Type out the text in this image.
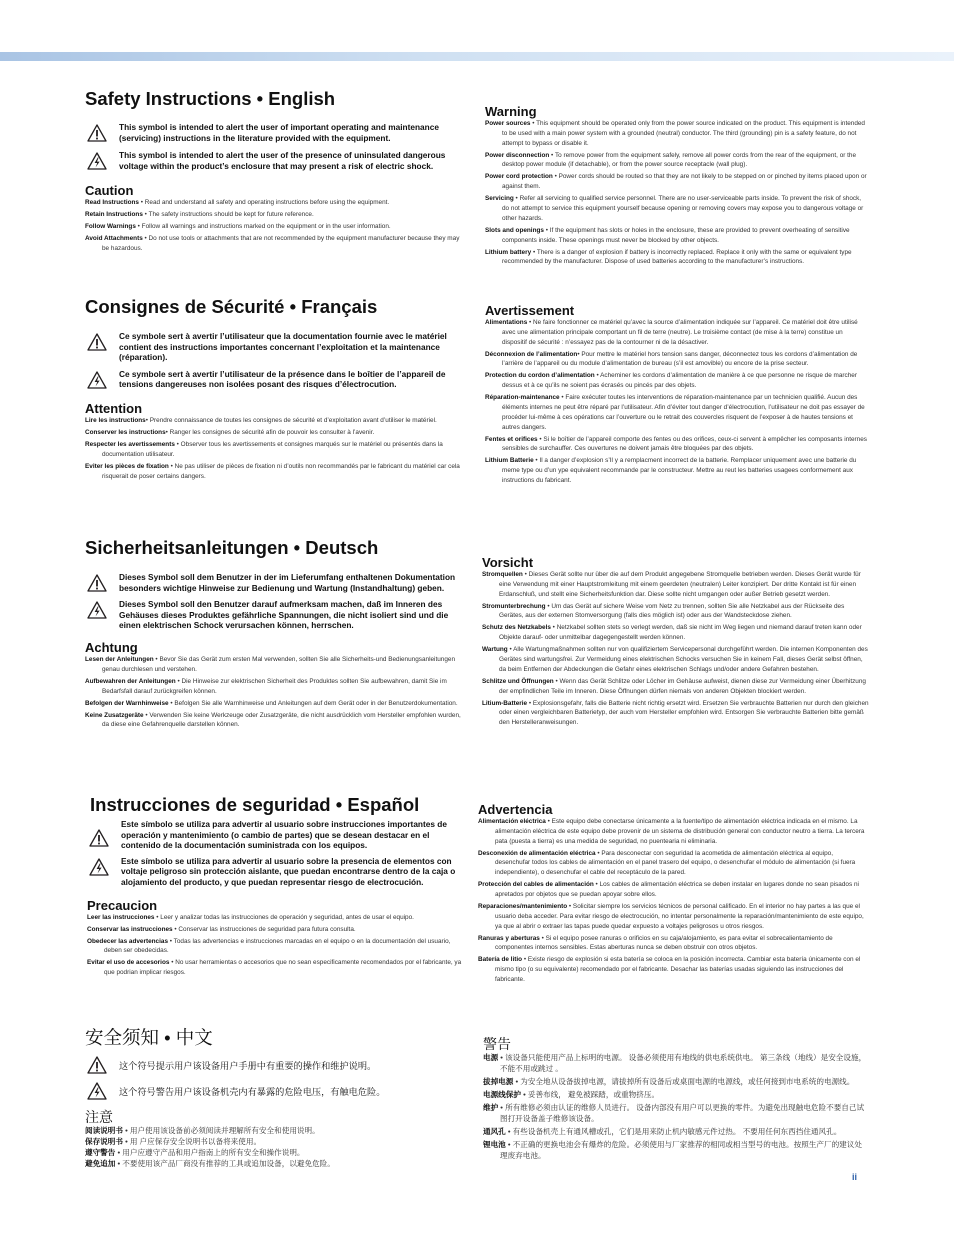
Safety Instructions • English
This symbol is intended to alert the user of important operating and maintenance (servicing) instructions in the literature provided with the equipment.
This symbol is intended to alert the user of the presence of uninsulated dangerous voltage within the product’s enclosure that may present a risk of electric shock.
Caution

Read Instructions • Read and understand all safety and operating instructions before using the equipment.

Retain Instructions • The safety instructions should be kept for future reference.

Follow Warnings • Follow all warnings and instructions marked on the equipment or in the user information.

Avoid Attachments • Do not use tools or attachments that are not recommended by the equipment manufacturer because they may be hazardous.

Consignes de Sécurité • Français
Ce symbole sert à avertir l’utilisateur que la documentation fournie avec le matériel contient des instructions importantes concernant l’exploitation et la maintenance (réparation).
Ce symbole sert à avertir l’utilisateur de la présence dans le boîtier de l’appareil de tensions dangereuses non isolées posant des risques d’électrocution.
Attention

Lire les instructions• Prendre connaissance de toutes les consignes de sécurité et d’exploitation avant d’utiliser le matériel.

Conserver les instructions• Ranger les consignes de sécurité afin de pouvoir les consulter à l’avenir.

Respecter les avertissements • Observer tous les avertissements et consignes marqués sur le matériel ou présentés dans la documentation utilisateur.

Eviter les pièces de fixation • Ne pas utiliser de pièces de fixation ni d’outils non recommandés par le fabricant du matériel car cela risquerait de poser certains dangers.

Sicherheitsanleitungen • Deutsch
Dieses Symbol soll dem Benutzer in der im Lieferumfang enthaltenen Dokumentation besonders wichtige Hinweise zur Bedienung und Wartung (Instandhaltung) geben.
Dieses Symbol soll den Benutzer darauf aufmerksam machen, daß im Inneren des Gehäuses dieses Produktes gefährliche Spannungen, die nicht isoliert sind und die einen elektrischen Schock verursachen können, herrschen.
Achtung

Lesen der Anleitungen • Bevor Sie das Gerät zum ersten Mal verwenden, sollten Sie alle Sicherheits-und Bedienungsanleitungen genau durchlesen und verstehen.

Aufbewahren der Anleitungen • Die Hinweise zur elektrischen Sicherheit des Produktes sollten Sie aufbewahren, damit Sie im Bedarfsfall darauf zurückgreifen können.

Befolgen der Warnhinweise • Befolgen Sie alle Warnhinweise und Anleitungen auf dem Gerät oder in der Benutzerdokumentation.

Keine Zusatzgeräte • Verwenden Sie keine Werkzeuge oder Zusatzgeräte, die nicht ausdrücklich vom Hersteller empfohlen wurden, da diese eine Gefahrenquelle darstellen können.

Instrucciones de seguridad • Español
Este símbolo se utiliza para advertir al usuario sobre instrucciones importantes de operación y mantenimiento (o cambio de partes) que se desean destacar en el contenido de la documentación suministrada con los equipos.
Este símbolo se utiliza para advertir al usuario sobre la presencia de elementos con voltaje peligroso sin protección aislante, que puedan encontrarse dentro de la caja o alojamiento del producto, y que puedan representar riesgo de electrocución.
Precaucion

Leer las instrucciones • Leer y analizar todas las instrucciones de operación y seguridad, antes de usar el equipo.

Conservar las instrucciones • Conservar las instrucciones de seguridad para futura consulta.

Obedecer las advertencias • Todas las advertencias e instrucciones marcadas en el equipo o en la documentación del usuario, deben ser obedecidas.

Evitar el uso de accesorios • No usar herramientas o accesorios que no sean especificamente recomendados por el fabricante, ya que podrian implicar riesgos.

安全须知 • 中文
这个符号提示用户该设备用户手册中有重要的操作和维护说明。
这个符号警告用户该设备机壳内有暴露的危险电压，有触电危险。
注意

阅读说明书 • 用户使用该设备前必须阅读并理解所有安全和使用说明。

保存说明书 • 用 户应保存安全说明书以备将来使用。

遵守警告 • 用户应遵守产品和用户指南上的所有安全和操作说明。

避免追加 • 不要使用该产品厂商没有推荐的工具或追加设备，以避免危险。

Warning

Power sources • This equipment should be operated only from the power source indicated on the product. This equipment is intended to be used with a main power system with a grounded (neutral) conductor. The third (grounding) pin is a safety feature, do not attempt to bypass or disable it.

Power disconnection • To remove power from the equipment safely, remove all power cords from the rear of the equipment, or the desktop power module (if detachable), or from the power source receptacle (wall plug).

Power cord protection • Power cords should be routed so that they are not likely to be stepped on or pinched by items placed upon or against them.

Servicing • Refer all servicing to qualified service personnel. There are no user-serviceable parts inside. To prevent the risk of shock, do not attempt to service this equipment yourself because opening or removing covers may expose you to dangerous voltage or other hazards.

Slots and openings • If the equipment has slots or holes in the enclosure, these are provided to prevent overheating of sensitive components inside. These openings must never be blocked by other objects.

Lithium battery • There is a danger of explosion if battery is incorrectly replaced. Replace it only with the same or equivalent type recommended by the manufacturer. Dispose of used batteries according to the manufacturer’s instructions.

Avertissement

Alimentations • Ne faire fonctionner ce matériel qu’avec la source d’alimentation indiquée sur l’appareil. Ce matériel doit être utilisé avec une alimentation principale comportant un fil de terre (neutre). Le troisième contact (de mise à la terre) constitue un dispositif de sécurité : n’essayez pas de la contourner ni de la désactiver.

Déconnexion de l’alimentation• Pour mettre le matériel hors tension sans danger, déconnectez tous les cordons d’alimentation de l’arrière de l’appareil ou du module d’alimentation de bureau (s’il est amovible) ou encore de la prise secteur.

Protection du cordon d’alimentation • Acheminer les cordons d’alimentation de manière à ce que personne ne risque de marcher dessus et à ce qu’ils ne soient pas écrasés ou pincés par des objets.

Réparation-maintenance • Faire exécuter toutes les interventions de réparation-maintenance par un technicien qualifié. Aucun des éléments internes ne peut être réparé par l’utilisateur. Afin d’éviter tout danger d’électrocution, l’utilisateur ne doit pas essayer de procéder lui-même à ces opérations car l’ouverture ou le retrait des couvercles risquent de l’exposer à de hautes tensions et autres dangers.

Fentes et orifices • Si le boîtier de l’appareil comporte des fentes ou des orifices, ceux-ci servent à empêcher les composants internes sensibles de surchauffer. Ces ouvertures ne doivent jamais être bloquées par des objets.

Lithium Batterie • Il a danger d’explosion s’Il y a remplacment incorrect de la batterie. Remplacer uniquement avec une batterie du meme type ou d’un ype equivalent recommande par le constructeur. Mettre au reut les batteries usagees conformement aux instructions du fabricant.

Vorsicht

Stromquellen • Dieses Gerät sollte nur über die auf dem Produkt angegebene Stromquelle betrieben werden. Dieses Gerät wurde für eine Verwendung mit einer Hauptstromleitung mit einem geerdeten (neutralen) Leiter konzipiert. Der dritte Kontakt ist für einen Erdanschluß, und stellt eine Sicherheitsfunktion dar. Diese sollte nicht umgangen oder außer Betrieb gesetzt werden.

Stromunterbrechung • Um das Gerät auf sichere Weise vom Netz zu trennen, sollten Sie alle Netzkabel aus der Rückseite des Gerätes, aus der externen Stomversorgung (falls dies möglich ist) oder aus der Wandsteckdose ziehen.

Schutz des Netzkabels • Netzkabel sollten stets so verlegt werden, daß sie nicht im Weg liegen und niemand darauf treten kann oder Objekte darauf- oder unmittelbar dagegengestellt werden können.

Wartung • Alle Wartungmaßnahmen sollten nur von qualifiziertem Servicepersonal durchgeführt werden. Die internen Komponenten des Gerätes sind wartungsfrei. Zur Vermeidung eines elektrischen Schocks versuchen Sie in keinem Fall, dieses Gerät selbst öffnen, da beim Entfernen der Abdeckungen die Gefahr eines elektrischen Schlags und/oder andere Gefahren bestehen.

Schlitze und Öffnungen • Wenn das Gerät Schlitze oder Löcher im Gehäuse aufweist, dienen diese zur Vermeidung einer Überhitzung der empfindlichen Teile im Inneren. Diese Öffnungen dürfen niemals von anderen Objekten blockiert werden.

Litium-Batterie • Explosionsgefahr, falls die Batterie nicht richtig ersetzt wird. Ersetzen Sie verbrauchte Batterien nur durch den gleichen oder einen vergleichbaren Batterietyp, der auch vom Hersteller empfohlen wird. Entsorgen Sie verbrauchte Batterien bitte gemäß den Herstelleranweisungen.

Advertencia

Alimentación eléctrica • Este equipo debe conectarse únicamente a la fuente/tipo de alimentación eléctrica indicada en el mismo. La alimentación eléctrica de este equipo debe provenir de un sistema de distribución general con conductor neutro a tierra. La tercera pata (puesta a tierra) es una medida de seguridad, no puentearia ni eliminaria.

Desconexión de alimentación eléctrica • Para desconectar con seguridad la acometida de alimentación eléctrica al equipo, desenchufar todos los cables de alimentación en el panel trasero del equipo, o desenchufar el módulo de alimentación (si fuera independiente), o desenchufar el cable del receptáculo de la pared.

Protección del cables de alimentación • Los cables de alimentación eléctrica se deben instalar en lugares donde no sean pisados ni apretados por objetos que se puedan apoyar sobre ellos.

Reparaciones/mantenimiento • Solicitar siempre los servicios técnicos de personal calificado. En el interior no hay partes a las que el usuario deba acceder. Para evitar riesgo de electrocución, no intentar personalmente la reparación/mantenimiento de este equipo, ya que al abrir o extraer las tapas puede quedar expuesto a voltajes peligrosos u otros riesgos.

Ranuras y aberturas • Si el equipo posee ranuras o orificios en su caja/alojamiento, es para evitar el sobrecalientamiento de componentes internos sensibles. Estas aberturas nunca se deben obstruir con otros objetos.

Batería de litio • Existe riesgo de explosión si esta batería se coloca en la posición incorrecta. Cambiar esta batería únicamente con el mismo tipo (o su equivalente) recomendado por el fabricante. Desachar las baterías usadas siguiendo las instrucciones del fabricante.

警告

电源 • 该设备只能使用产品上标明的电源。 设备必须使用有地线的供电系统供电。 第三条线（地线）是安全设施，不能不用或跳过 。

拔掉电源 • 为安全地从设备拔掉电源，请拔掉所有设备后或桌面电源的电源线，或任何接到市电系统的电源线。

电源线保护 • 妥善布线， 避免被踩踏，或重物挤压。

维护 • 所有维修必须由认证的维修人员进行。 设备内部没有用户可以更换的零件。为避免出现触电危险不要自己试图打开设备盖子维修该设备。

通风孔 • 有些设备机壳上有通风槽或孔，它们是用来防止机内敏感元件过热。 不要用任何东西挡住通风孔。

锂电池 • 不正确的更换电池会有爆炸的危险。必须使用与厂家推荐的相同或相当型号的电池。按照生产厂的建议处理废弃电池。

ii
